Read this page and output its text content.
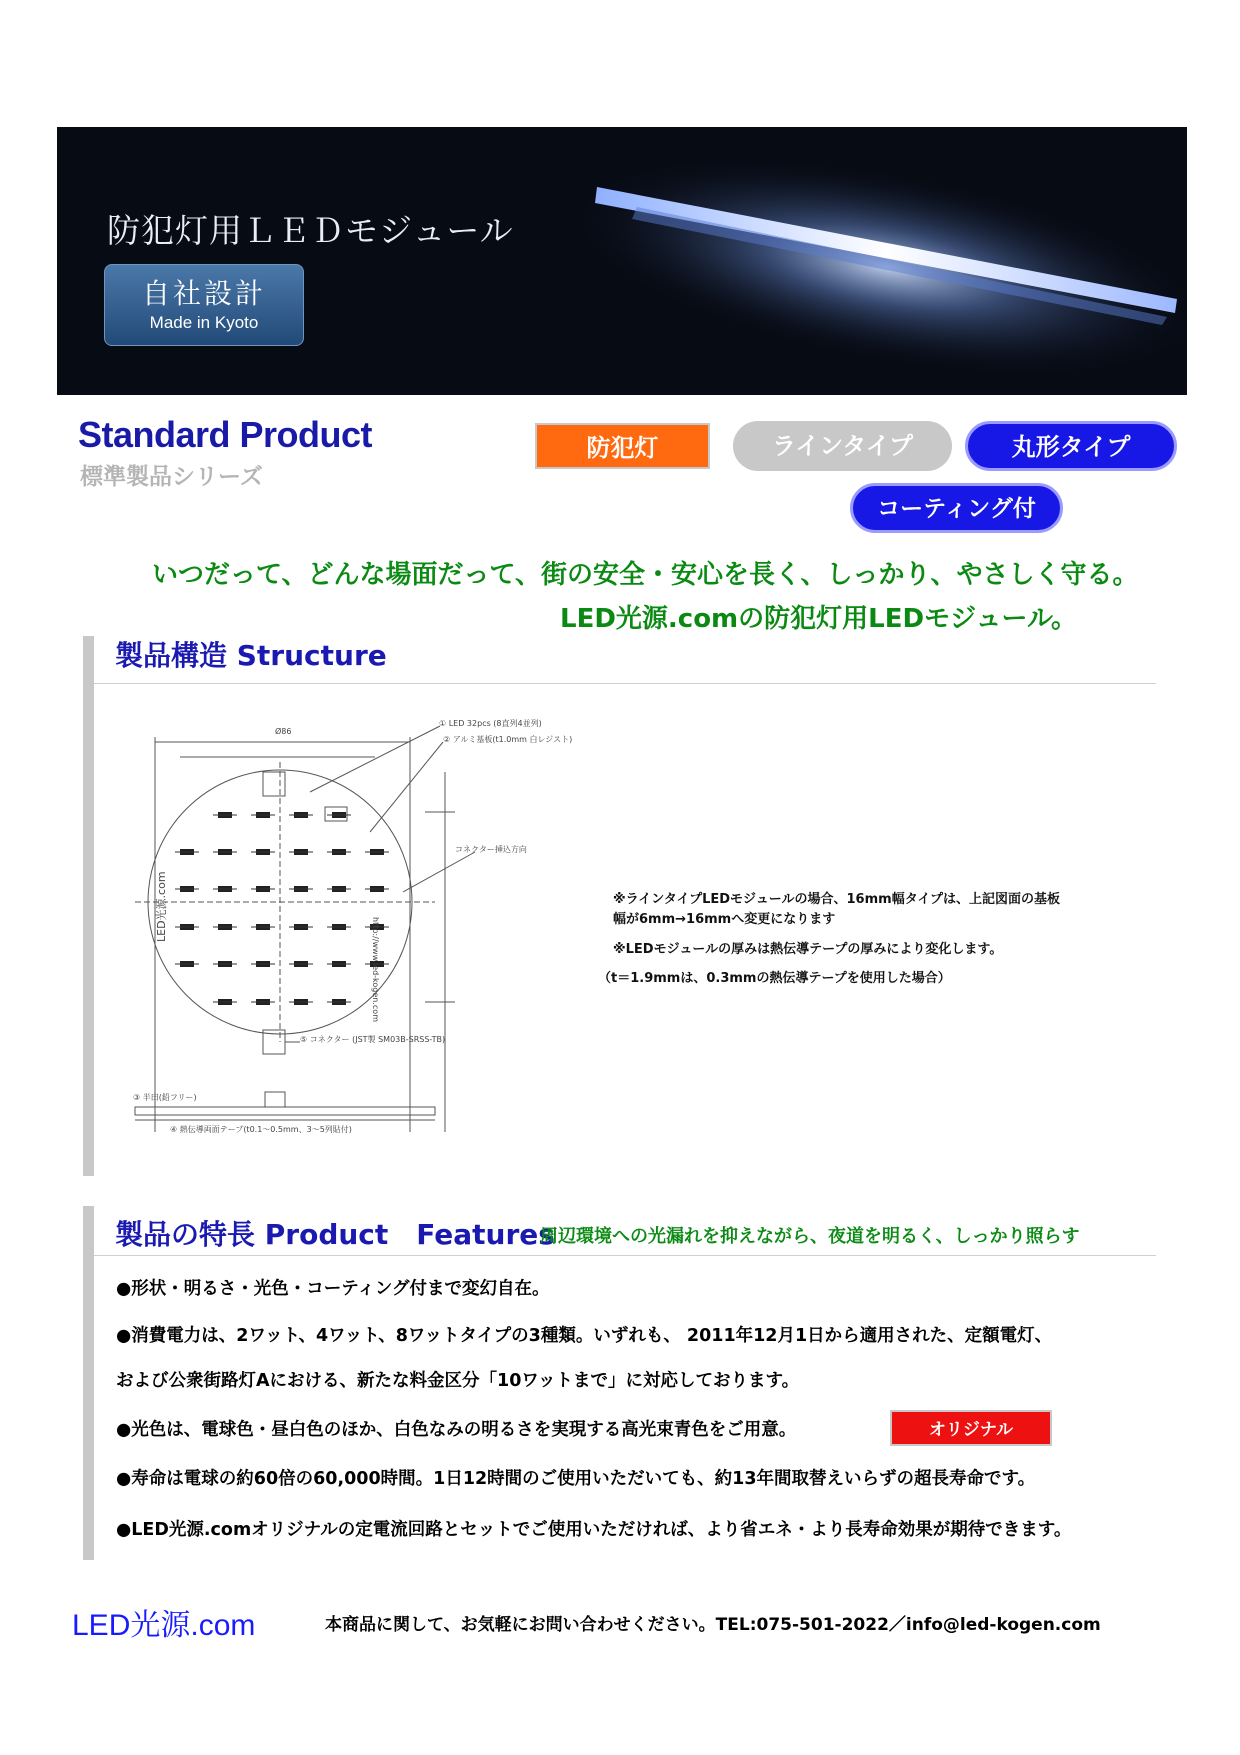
防犯灯用ＬＥＤモジュール
自社設計
Made in Kyoto
Standard Product
標準製品シリーズ
防犯灯	ラインタイプ	丸形タイプ
コーティング付
いつだって、どんな場面だって、街の安全・安心を長く、しっかり、やさしく守る。
LED光源.comの防犯灯用LEDモジュール。
製品構造 Structure
① LED 32pcs (8直列4並列)
② アルミ基板(t1.0mm 白レジスト)
コネクター挿込方向
⑤ コネクター (JST製 SM03B-SRSS-TB)
③ 半田(鉛フリー)
④ 熱伝導両面テープ(t0.1〜0.5mm、3〜5列貼付)
Ø86
LED光源.com
http://www.led-kogen.com
※ラインタイプLEDモジュールの場合、16mm幅タイプは、上記図面の基板
幅が6mm→16mmへ変更になります
※LEDモジュールの厚みは熱伝導テープの厚みにより変化します。
（t＝1.9mmは、0.3mmの熱伝導テープを使用した場合）
製品の特長 Product　Features
周辺環境への光漏れを抑えながら、夜道を明るく、しっかり照らす
●形状・明るさ・光色・コーティング付まで変幻自在。
●消費電力は、2ワット、4ワット、8ワットタイプの3種類。いずれも、 2011年12月1日から適用された、定額電灯、
および公衆街路灯Aにおける、新たな料金区分「10ワットまで」に対応しております。
●光色は、電球色・昼白色のほか、白色なみの明るさを実現する高光束青色をご用意。	オリジナル
●寿命は電球の約60倍の60,000時間。1日12時間のご使用いただいても、約13年間取替えいらずの超長寿命です。
●LED光源.comオリジナルの定電流回路とセットでご使用いただければ、より省エネ・より長寿命効果が期待できます。
LED光源.com	本商品に関して、お気軽にお問い合わせください。TEL:075-501-2022／info@led-kogen.com
